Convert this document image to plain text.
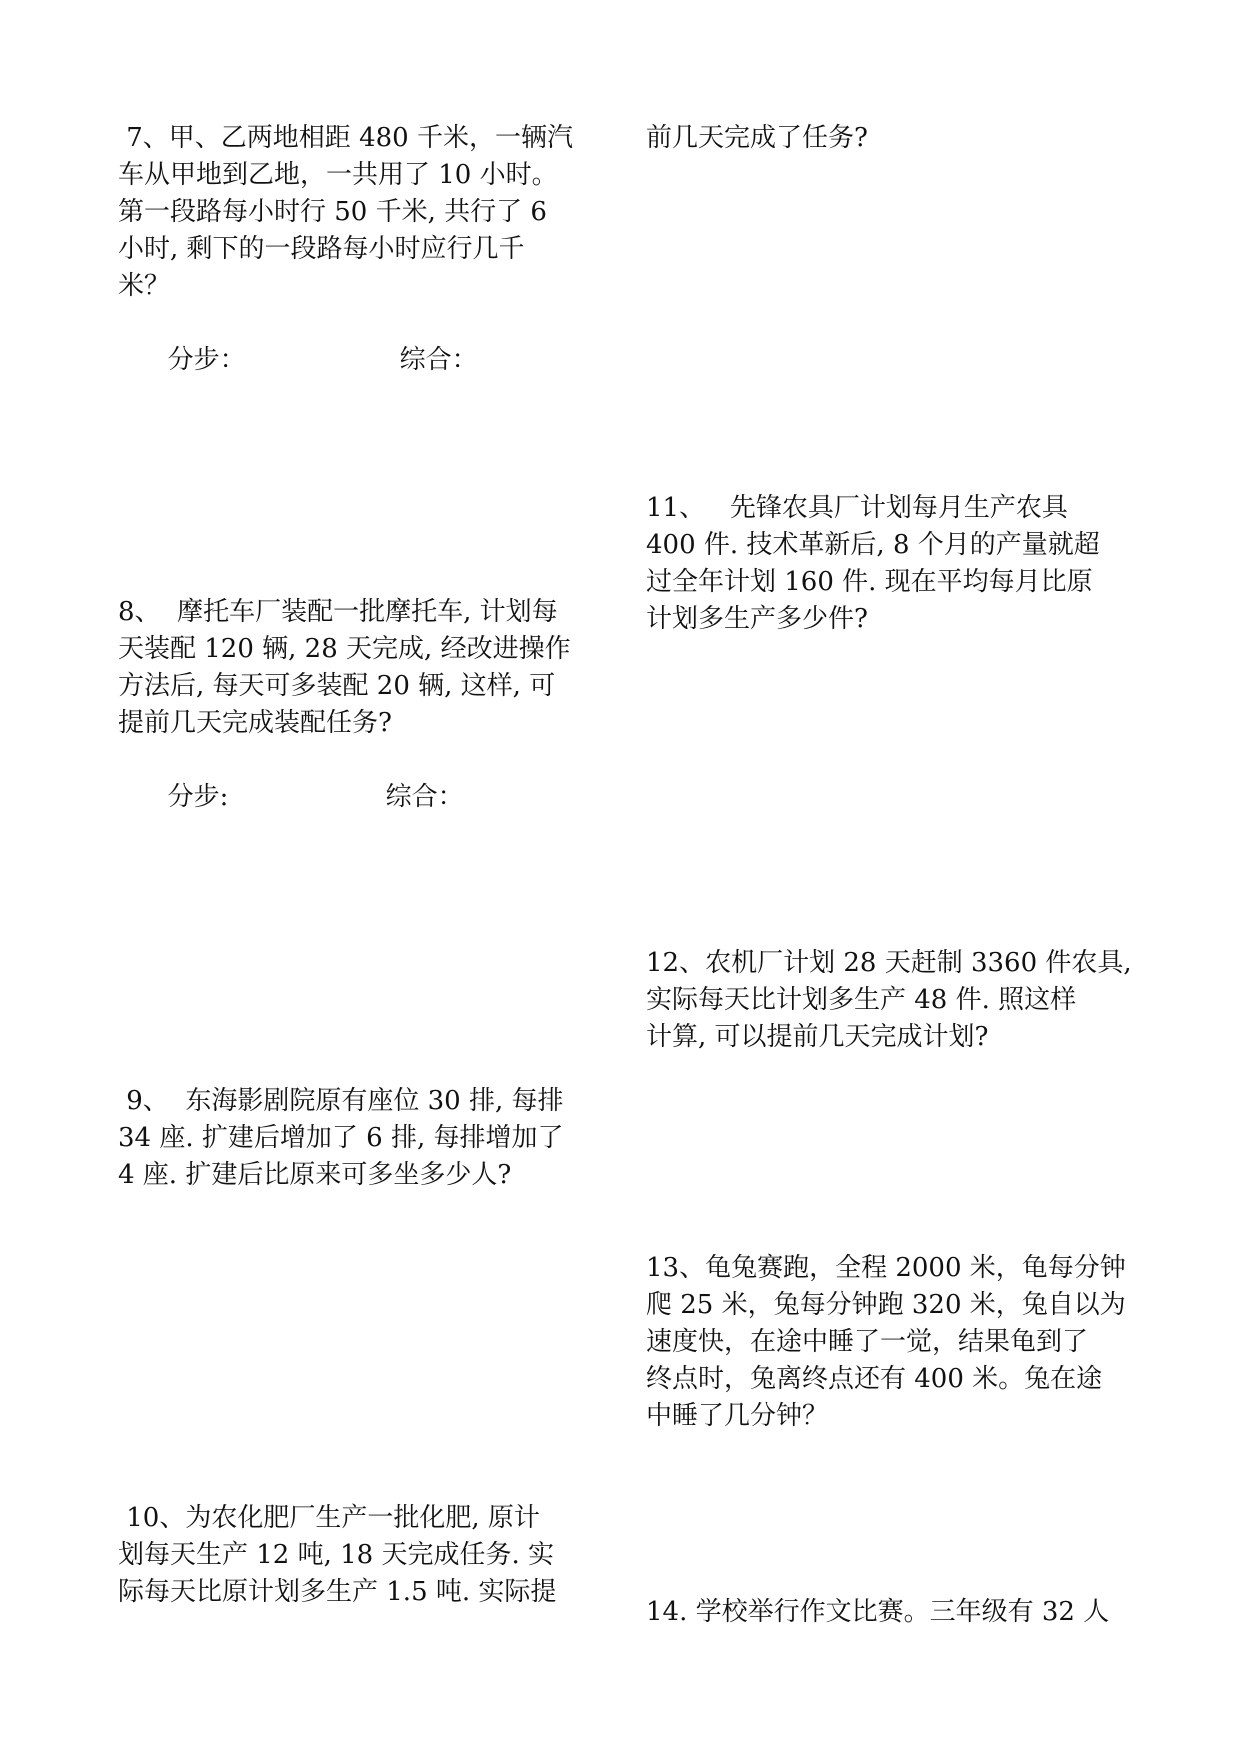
7、甲、乙两地相距 480 千米，一辆汽
车从甲地到乙地，一共用了 10 小时。
第一段路每小时行 50 千米, 共行了 6
小时, 剩下的一段路每小时应行几千
米？

分步：	综合：

8、  摩托车厂装配一批摩托车, 计划每
天装配 120 辆, 28 天完成, 经改进操作
方法后, 每天可多装配 20 辆, 这样, 可
提前几天完成装配任务?

分步:	综合：

9、  东海影剧院原有座位 30 排, 每排
34 座. 扩建后增加了 6 排, 每排增加了
4 座. 扩建后比原来可多坐多少人?
10、为农化肥厂生产一批化肥, 原计
划每天生产 12 吨, 18 天完成任务. 实
际每天比原计划多生产 1.5 吨. 实际提
前几天完成了任务?
11、   先锋农具厂计划每月生产农具
400 件. 技术革新后, 8 个月的产量就超
过全年计划 160 件. 现在平均每月比原
计划多生产多少件?
12、农机厂计划 28 天赶制 3360 件农具,
实际每天比计划多生产 48 件. 照这样
计算, 可以提前几天完成计划?
13、龟兔赛跑，全程 2000 米，龟每分钟
爬 25 米，兔每分钟跑 320 米，兔自以为
速度快，在途中睡了一觉，结果龟到了
终点时，兔离终点还有 400 米。兔在途
中睡了几分钟？
14. 学校举行作文比赛。三年级有 32 人
